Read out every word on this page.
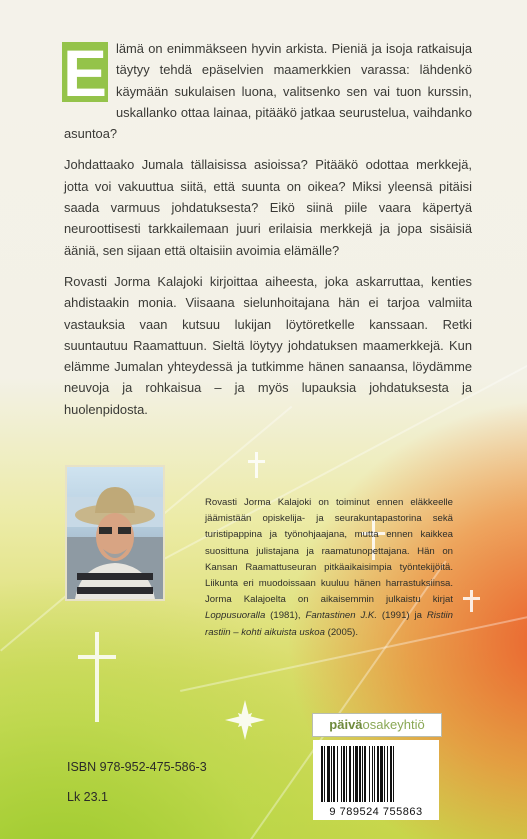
E lämä on enimmäkseen hyvin arkista. Pieniä ja isoja ratkaisuja täytyy tehdä epäselvien maamerkkien varassa: lähdenkö käymään sukulaisen luona, valitsenko sen vai tuon kurssin, uskallanko ottaa lainaa, pitääkö jatkaa seurustelua, vaihdanko asuntoa?

Johdattaako Jumala tällaisissa asioissa? Pitääkö odottaa merkkejä, jotta voi vakuuttua siitä, että suunta on oikea? Miksi yleensä pitäisi saada varmuus johdatuksesta? Eikö siinä piile vaara käpertyä neuroottisesti tarkkailemaan juuri erilaisia merkkejä ja jopa sisäisiä ääniä, sen sijaan että oltaisiin avoimia elämälle?

Rovasti Jorma Kalajoki kirjoittaa aiheesta, joka askarruttaa, kenties ahdistaakin monia. Viisaana sielunhoitajana hän ei tarjoa valmiita vastauksia vaan kutsuu lukijan löytöretkelle kanssaan. Retki suuntautuu Raamattuun. Sieltä löytyy johdatuksen maamerkkejä. Kun elämme Jumalan yhteydessä ja tutkimme hänen sanaansa, löydämme neuvoja ja rohkaisua – ja myös lupauksia johdatuksesta ja huolenpidosta.

Rovasti Jorma Kalajoki on toiminut ennen eläkkeelle jäämistään opiskelija- ja seurakuntapastorina sekä turistipappina ja työnohjaajana, mutta ennen kaikkea suosittuna julistajana ja raamatunopettajana. Hän on Kansan Raamattuseuran pitkäaikaisimpia työntekijöitä. Liikunta eri muodoissaan kuuluu hänen harrastuksiinsa. Jorma Kalajoelta on aikaisemmin julkaistu kirjat Loppusuoralla (1981), Fantastinen J.K. (1991) ja Ristiin rastiin – kohti aikuista uskoa (2005).
päiväosakeyhtiö
9 789524 755863
ISBN 978-952-475-586-3
Lk 23.1
